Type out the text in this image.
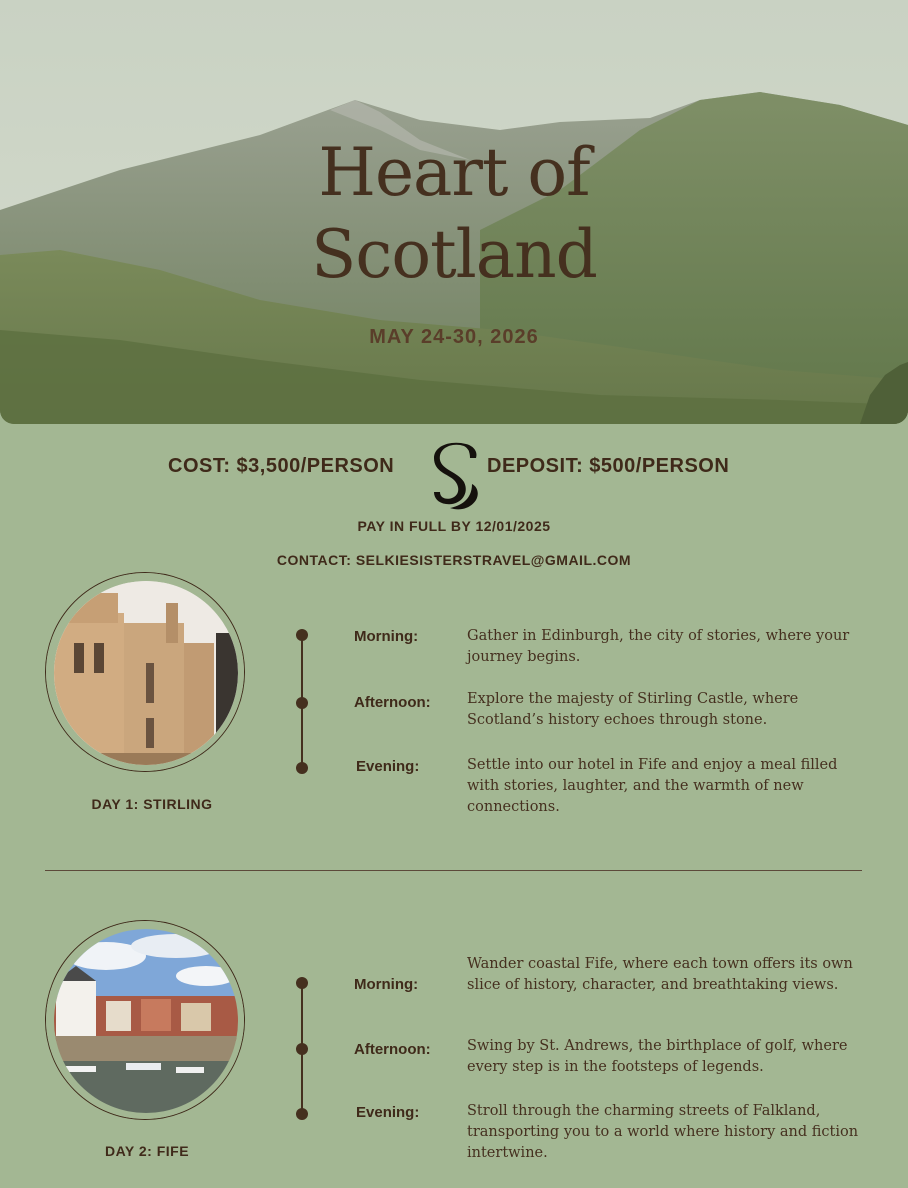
Heart of
Scotland
MAY 24-30, 2026
COST: $3,500/PERSON	DEPOSIT: $500/PERSON
PAY IN FULL BY 12/01/2025
CONTACT: SELKIESISTERSTRAVEL@GMAIL.COM
DAY 1: STIRLING
Morning:	Gather in Edinburgh, the city of stories, where your journey begins.
Afternoon:	Explore the majesty of Stirling Castle, where Scotland’s history echoes through stone.
Evening:	Settle into our hotel in Fife and enjoy a meal filled with stories, laughter, and the warmth of new connections.
DAY 2: FIFE
Morning:
Wander coastal Fife, where each town offers its own slice of history, character, and breathtaking views.
Afternoon:	Swing by St. Andrews, the birthplace of golf, where every step is in the footsteps of legends.
Evening:	Stroll through the charming streets of Falkland, transporting you to a world where history and fiction intertwine.
